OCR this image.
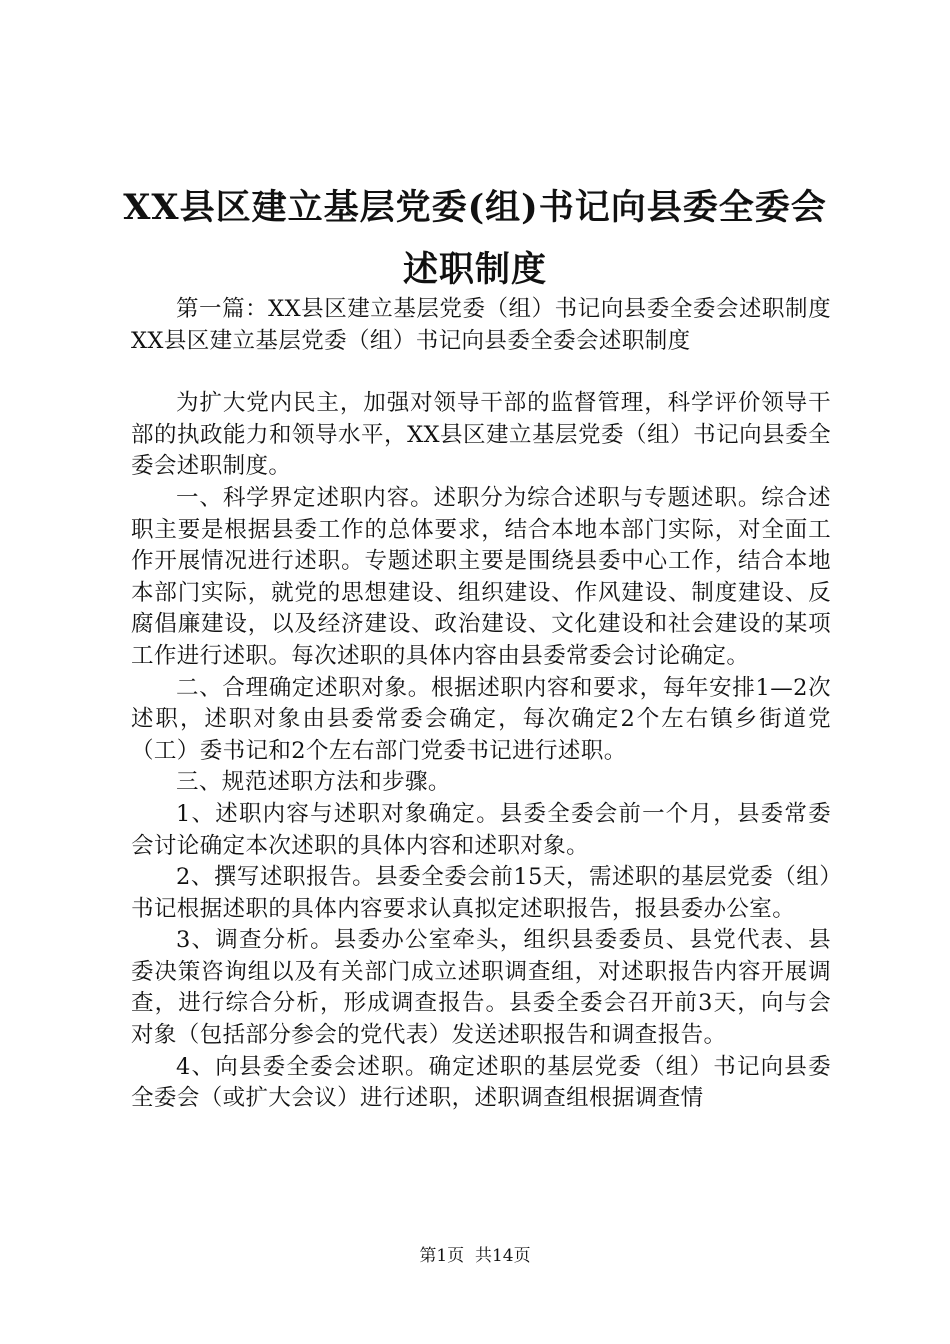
XX县区建立基层党委(组)书记向县委全委会
述职制度

第一篇：XX县区建立基层党委（组）书记向县委全委会述职制度XX县区建立基层党委（组）书记向县委全委会述职制度

为扩大党内民主，加强对领导干部的监督管理，科学评价领导干部的执政能力和领导水平，XX县区建立基层党委（组）书记向县委全委会述职制度。

一、科学界定述职内容。述职分为综合述职与专题述职。综合述职主要是根据县委工作的总体要求，结合本地本部门实际，对全面工作开展情况进行述职。专题述职主要是围绕县委中心工作，结合本地本部门实际，就党的思想建设、组织建设、作风建设、制度建设、反腐倡廉建设，以及经济建设、政治建设、文化建设和社会建设的某项工作进行述职。每次述职的具体内容由县委常委会讨论确定。

二、合理确定述职对象。根据述职内容和要求，每年安排1—2次述职，述职对象由县委常委会确定，每次确定2个左右镇乡街道党（工）委书记和2个左右部门党委书记进行述职。

三、规范述职方法和步骤。

1、述职内容与述职对象确定。县委全委会前一个月，县委常委会讨论确定本次述职的具体内容和述职对象。

2、撰写述职报告。县委全委会前15天，需述职的基层党委（组）书记根据述职的具体内容要求认真拟定述职报告，报县委办公室。

3、调查分析。县委办公室牵头，组织县委委员、县党代表、县委决策咨询组以及有关部门成立述职调查组，对述职报告内容开展调查，进行综合分析，形成调查报告。县委全委会召开前3天，向与会对象（包括部分参会的党代表）发送述职报告和调查报告。

4、向县委全委会述职。确定述职的基层党委（组）书记向县委全委会（或扩大会议）进行述职，述职调查组根据调查情

第1页  共14页
